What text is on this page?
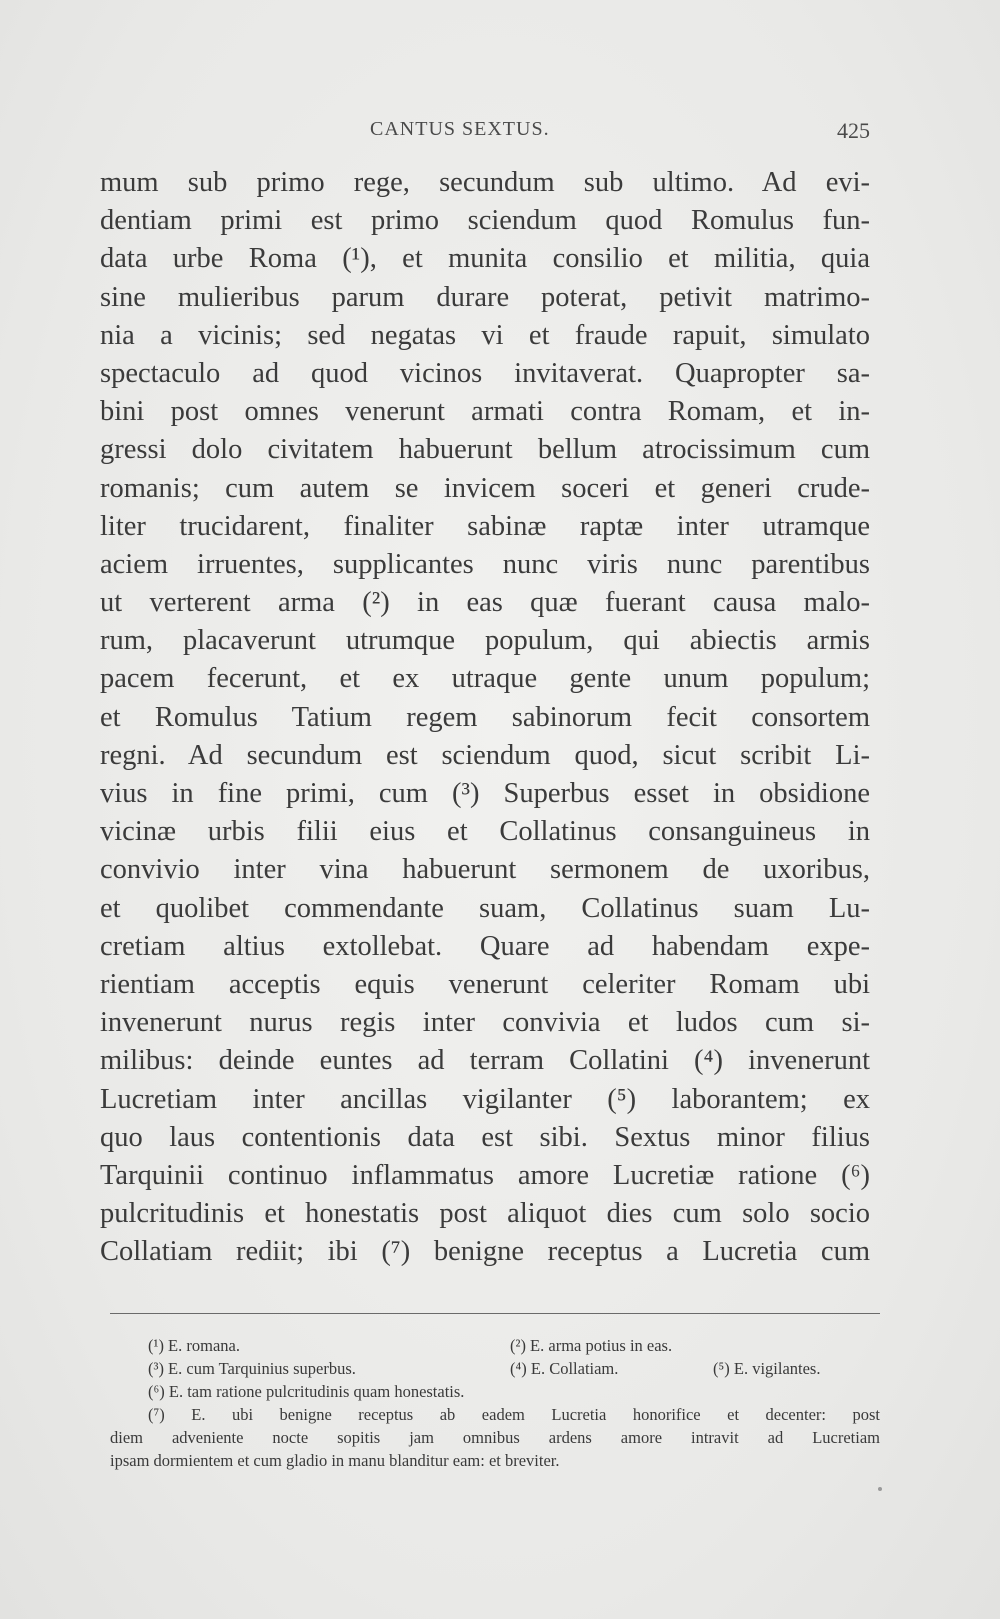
CANTUS SEXTUS.	425
mum sub primo rege, secundum sub ultimo. Ad evi-
dentiam primi est primo sciendum quod Romulus fun-
data urbe Roma (¹), et munita consilio et militia, quia
sine mulieribus parum durare poterat, petivit matrimo-
nia a vicinis; sed negatas vi et fraude rapuit, simulato
spectaculo ad quod vicinos invitaverat. Quapropter sa-
bini post omnes venerunt armati contra Romam, et in-
gressi dolo civitatem habuerunt bellum atrocissimum cum
romanis; cum autem se invicem soceri et generi crude-
liter trucidarent, finaliter sabinæ raptæ inter utramque
aciem irruentes, supplicantes nunc viris nunc parentibus
ut verterent arma (²) in eas quæ fuerant causa malo-
rum, placaverunt utrumque populum, qui abiectis armis
pacem fecerunt, et ex utraque gente unum populum;
et Romulus Tatium regem sabinorum fecit consortem
regni. Ad secundum est sciendum quod, sicut scribit Li-
vius in fine primi, cum (³) Superbus esset in obsidione
vicinæ urbis filii eius et Collatinus consanguineus in
convivio inter vina habuerunt sermonem de uxoribus,
et quolibet commendante suam, Collatinus suam Lu-
cretiam altius extollebat. Quare ad habendam expe-
rientiam acceptis equis venerunt celeriter Romam ubi
invenerunt nurus regis inter convivia et ludos cum si-
milibus: deinde euntes ad terram Collatini (⁴) invenerunt
Lucretiam inter ancillas vigilanter (⁵) laborantem; ex
quo laus contentionis data est sibi. Sextus minor filius
Tarquinii continuo inflammatus amore Lucretiæ ratione (⁶)
pulcritudinis et honestatis post aliquot dies cum solo socio
Collatiam rediit; ibi (⁷) benigne receptus a Lucretia cum
(¹) E. romana.	(²) E. arma potius in eas.
(³) E. cum Tarquinius superbus.	(⁴) E. Collatiam.	(⁵) E. vigilantes.
(⁶) E. tam ratione pulcritudinis quam honestatis.
(⁷) E. ubi benigne receptus ab eadem Lucretia honorifice et decenter: post
diem adveniente nocte sopitis jam omnibus ardens amore intravit ad Lucretiam
ipsam dormientem et cum gladio in manu blanditur eam: et breviter.
